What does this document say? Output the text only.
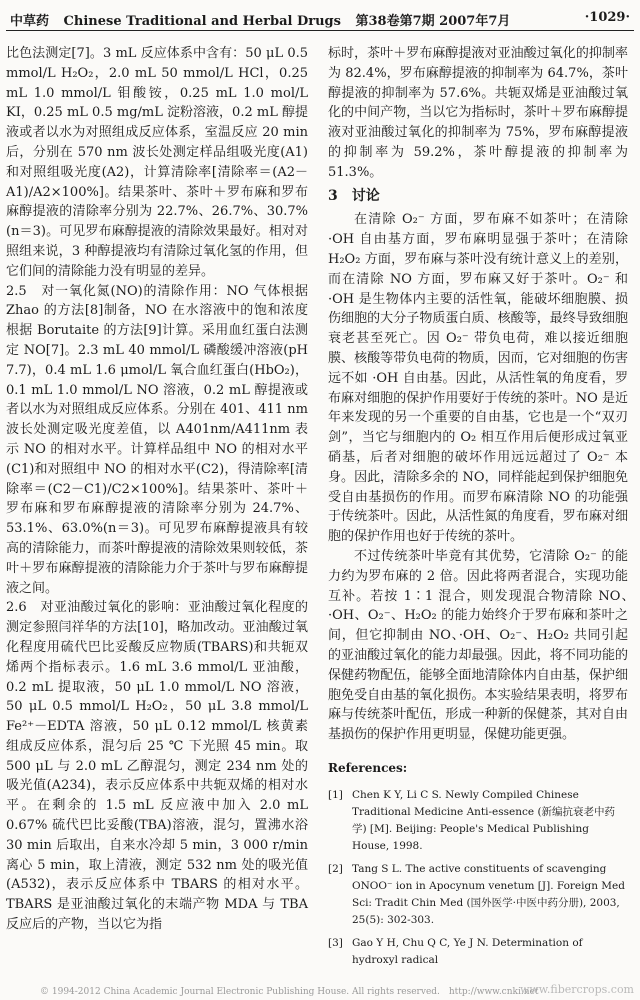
中草药 Chinese Traditional and Herbal Drugs 第38卷第7期 2007年7月	·1029·

比色法测定[7]。3 mL 反应体系中含有：50 μL 0.5 mmol/L H₂O₂，2.0 mL 50 mmol/L HCl，0.25 mL 1.0 mmol/L 钼酸铵，0.25 mL 1.0 mol/L KI，0.25 mL 0.5 mg/mL 淀粉溶液，0.2 mL 醇提液或者以水为对照组成反应体系，室温反应 20 min 后，分别在 570 nm 波长处测定样品组吸光度(A1)和对照组吸光度(A2)，计算清除率[清除率＝(A2－A1)/A2×100%]。结果茶叶、茶叶＋罗布麻和罗布麻醇提液的清除率分别为 22.7%、26.7%、30.7%(n＝3)。可见罗布麻醇提液的清除效果最好。相对对照组来说，3 种醇提液均有清除过氧化氢的作用，但它们间的清除能力没有明显的差异。

2.5　对一氧化氮(NO)的清除作用：NO 气体根据 Zhao 的方法[8]制备，NO 在水溶液中的饱和浓度根据 Borutaite 的方法[9]计算。采用血红蛋白法测定 NO[7]。2.3 mL 40 mmol/L 磷酸缓冲溶液(pH 7.7)，0.4 mL 1.6 μmol/L 氧合血红蛋白(HbO₂)，0.1 mL 1.0 mmol/L NO 溶液，0.2 mL 醇提液或者以水为对照组成反应体系。分别在 401、411 nm 波长处测定吸光度差值，以 A401nm/A411nm 表示 NO 的相对水平。计算样品组中 NO 的相对水平(C1)和对照组中 NO 的相对水平(C2)，得清除率[清除率＝(C2－C1)/C2×100%]。结果茶叶、茶叶＋罗布麻和罗布麻醇提液的清除率分别为 24.7%、53.1%、63.0%(n＝3)。可见罗布麻醇提液具有较高的清除能力，而茶叶醇提液的清除效果则较低，茶叶＋罗布麻醇提液的清除能力介于茶叶与罗布麻醇提液之间。

2.6　对亚油酸过氧化的影响：亚油酸过氧化程度的测定参照闫祥华的方法[10]，略加改动。亚油酸过氧化程度用硫代巴比妥酸反应物质(TBARS)和共轭双烯两个指标表示。1.6 mL 3.6 mmol/L 亚油酸，0.2 mL 提取液，50 μL 1.0 mmol/L NO 溶液，50 μL 0.5 mmol/L H₂O₂，50 μL 3.8 mmol/L Fe²⁺－EDTA 溶液，50 μL 0.12 mmol/L 核黄素组成反应体系，混匀后 25 ℃ 下光照 45 min。取 500 μL 与 2.0 mL 乙醇混匀，测定 234 nm 处的吸光值(A234)，表示反应体系中共轭双烯的相对水平。在剩余的 1.5 mL 反应液中加入 2.0 mL 0.67% 硫代巴比妥酸(TBA)溶液，混匀，置沸水浴 30 min 后取出，自来水冷却 5 min，3 000 r/min 离心 5 min，取上清液，测定 532 nm 处的吸光值(A532)，表示反应体系中 TBARS 的相对水平。TBARS 是亚油酸过氧化的末端产物 MDA 与 TBA 反应后的产物，当以它为指

标时，茶叶＋罗布麻醇提液对亚油酸过氧化的抑制率为 82.4%，罗布麻醇提液的抑制率为 64.7%，茶叶醇提液的抑制率为 57.6%。共轭双烯是亚油酸过氧化的中间产物，当以它为指标时，茶叶＋罗布麻醇提液对亚油酸过氧化的抑制率为 75%，罗布麻醇提液的抑制率为 59.2%，茶叶醇提液的抑制率为 51.3%。

3　讨论

在清除 O₂⁻ 方面，罗布麻不如茶叶；在清除 ·OH 自由基方面，罗布麻明显强于茶叶；在清除 H₂O₂ 方面，罗布麻与茶叶没有统计意义上的差别，而在清除 NO 方面，罗布麻又好于茶叶。O₂⁻ 和 ·OH 是生物体内主要的活性氧，能破坏细胞膜、损伤细胞的大分子物质蛋白质、核酸等，最终导致细胞衰老甚至死亡。因 O₂⁻ 带负电荷，难以接近细胞膜、核酸等带负电荷的物质，因而，它对细胞的伤害远不如 ·OH 自由基。因此，从活性氧的角度看，罗布麻对细胞的保护作用要好于传统的茶叶。NO 是近年来发现的另一个重要的自由基，它也是一个“双刃剑”，当它与细胞内的 O₂ 相互作用后便形成过氧亚硝基，后者对细胞的破坏作用远远超过了 O₂⁻ 本身。因此，清除多余的 NO，同样能起到保护细胞免受自由基损伤的作用。而罗布麻清除 NO 的功能强于传统茶叶。因此，从活性氮的角度看，罗布麻对细胞的保护作用也好于传统的茶叶。

不过传统茶叶毕竟有其优势，它清除 O₂⁻ 的能力约为罗布麻的 2 倍。因此将两者混合，实现功能互补。若按 1∶1 混合，则发现混合物清除 NO、·OH、O₂⁻、H₂O₂ 的能力始终介于罗布麻和茶叶之间，但它抑制由 NO、·OH、O₂⁻、H₂O₂ 共同引起的亚油酸过氧化的能力却最强。因此，将不同功能的保健药物配伍，能够全面地清除体内自由基，保护细胞免受自由基的氧化损伤。本实验结果表明，将罗布麻与传统茶叶配伍，形成一种新的保健茶，其对自由基损伤的保护作用更明显，保健功能更强。

References:
[1] Chen K Y, Li C S. Newly Compiled Chinese Traditional Medicine Anti-essence (新编抗衰老中药学) [M]. Beijing: People's Medical Publishing House, 1998.
[2] Tang S L. The active constituents of scavenging ONOO⁻ ion in Apocynum venetum [J]. Foreign Med Sci: Tradit Chin Med (国外医学·中医中药分册), 2003, 25(5): 302-303.
[3] Gao Y H, Chu Q C, Ye J N. Determination of hydroxyl radical
© 1994-2012 China Academic Journal Electronic Publishing House. All rights reserved.　http://www.cnki.net
www.fibercrops.com
